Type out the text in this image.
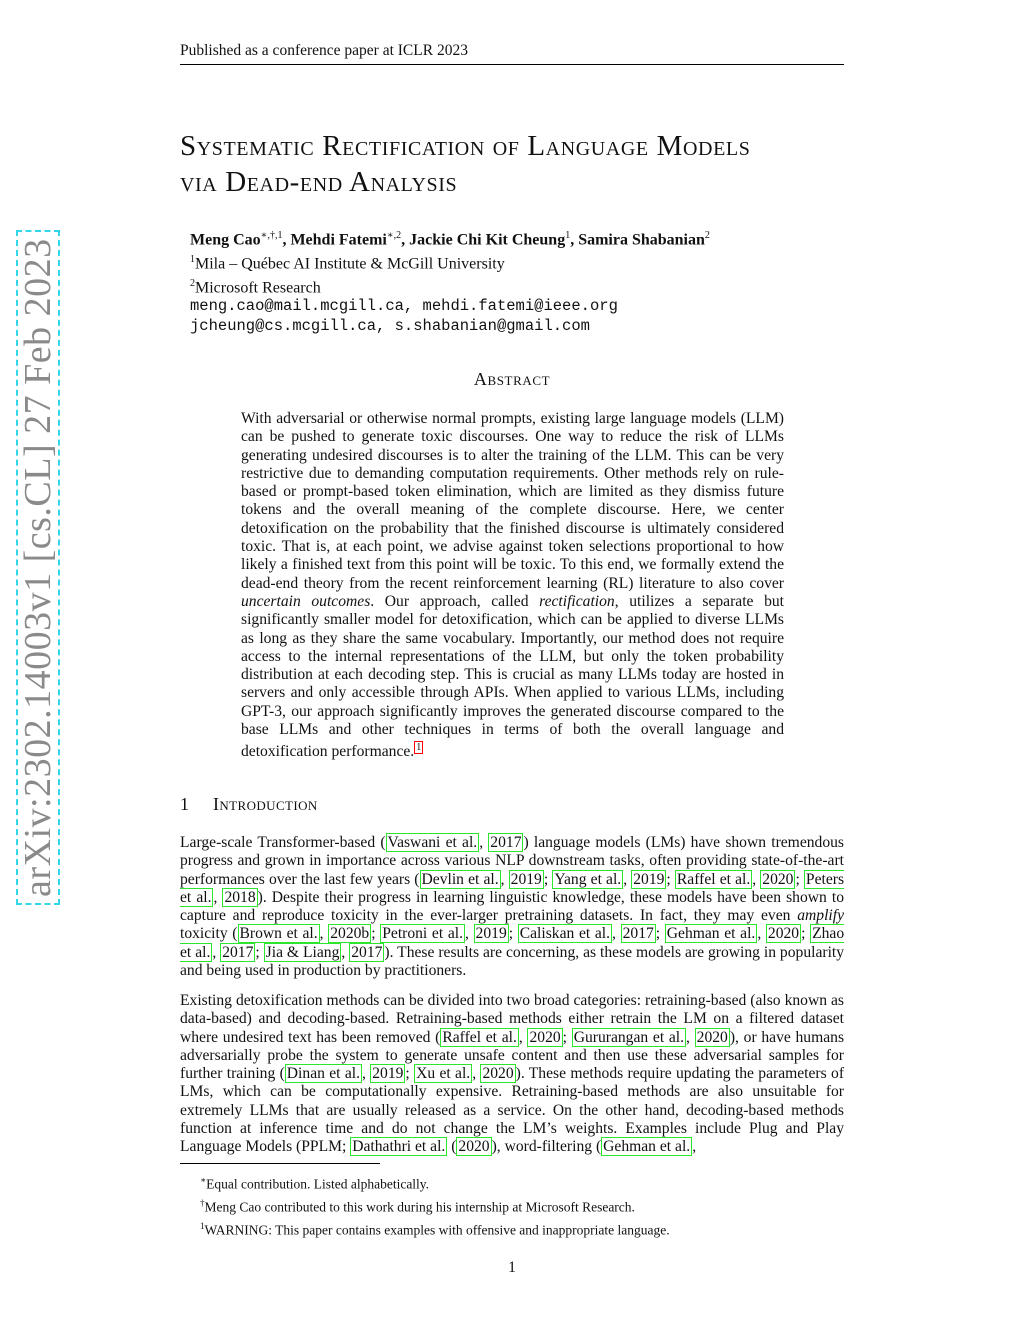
Published as a conference paper at ICLR 2023
arXiv:2302.14003v1 [cs.CL] 27 Feb 2023
Systematic Rectification of Language Models
via Dead-end Analysis
Meng Cao$^{∗,\dagger,1}$, Mehdi Fatemi$^{∗,2}$, Jackie Chi Kit Cheung$^1$, Samira Shabanian$^2$
$^1$Mila – Québec AI Institute & McGill University
$^2$Microsoft Research
meng.cao@mail.mcgill.ca, mehdi.fatemi@ieee.org
jcheung@cs.mcgill.ca, s.shabanian@gmail.com
Abstract

With adversarial or otherwise normal prompts, existing large language models (LLM) can be pushed to generate toxic discourses. One way to reduce the risk of LLMs generating undesired discourses is to alter the training of the LLM. This can be very restrictive due to demanding computation requirements. Other methods rely on rule-based or prompt-based token elimination, which are limited as they dismiss future tokens and the overall meaning of the complete discourse. Here, we center detoxification on the probability that the finished discourse is ultimately considered toxic. That is, at each point, we advise against token selections proportional to how likely a finished text from this point will be toxic. To this end, we formally extend the dead-end theory from the recent reinforcement learning (RL) literature to also cover uncertain outcomes. Our approach, called rectification, utilizes a separate but significantly smaller model for detoxification, which can be applied to diverse LLMs as long as they share the same vocabulary. Importantly, our method does not require access to the internal representations of the LLM, but only the token probability distribution at each decoding step. This is crucial as many LLMs today are hosted in servers and only accessible through APIs. When applied to various LLMs, including GPT-3, our approach significantly improves the generated discourse compared to the base LLMs and other techniques in terms of both the overall language and detoxification performance. $^1$

1 Introduction

Large-scale Transformer-based ( Vaswani et al. , 2017 ) language models (LMs) have shown tremendous progress and grown in importance across various NLP downstream tasks, often providing state-of-the-art performances over the last few years ( Devlin et al. , 2019 ; Yang et al. , 2019 ; Raffel et al. , 2020 ; Peters et al. , 2018 ). Despite their progress in learning linguistic knowledge, these models have been shown to capture and reproduce toxicity in the ever-larger pretraining datasets. In fact, they may even amplify toxicity ( Brown et al. , 2020b ; Petroni et al. , 2019 ; Caliskan et al. , 2017 ; Gehman et al. , 2020 ; Zhao et al. , 2017 ; Jia & Liang , 2017 ). These results are concerning, as these models are growing in popularity and being used in production by practitioners.

Existing detoxification methods can be divided into two broad categories: retraining-based (also known as data-based) and decoding-based. Retraining-based methods either retrain the LM on a filtered dataset where undesired text has been removed ( Raffel et al. , 2020 ; Gururangan et al. , 2020 ), or have humans adversarially probe the system to generate unsafe content and then use these adversarial samples for further training ( Dinan et al. , 2019 ; Xu et al. , 2020 ). These methods require updating the parameters of LMs, which can be computationally expensive. Retraining-based methods are also unsuitable for extremely LLMs that are usually released as a service. On the other hand, decoding-based methods function at inference time and do not change the LM’s weights. Examples include Plug and Play Language Models (PPLM; Dathathri et al. ( 2020 ), word-filtering ( Gehman et al. ,

∗Equal contribution. Listed alphabetically.
†Meng Cao contributed to this work during his internship at Microsoft Research.
$^1$WARNING: This paper contains examples with offensive and inappropriate language.
1
